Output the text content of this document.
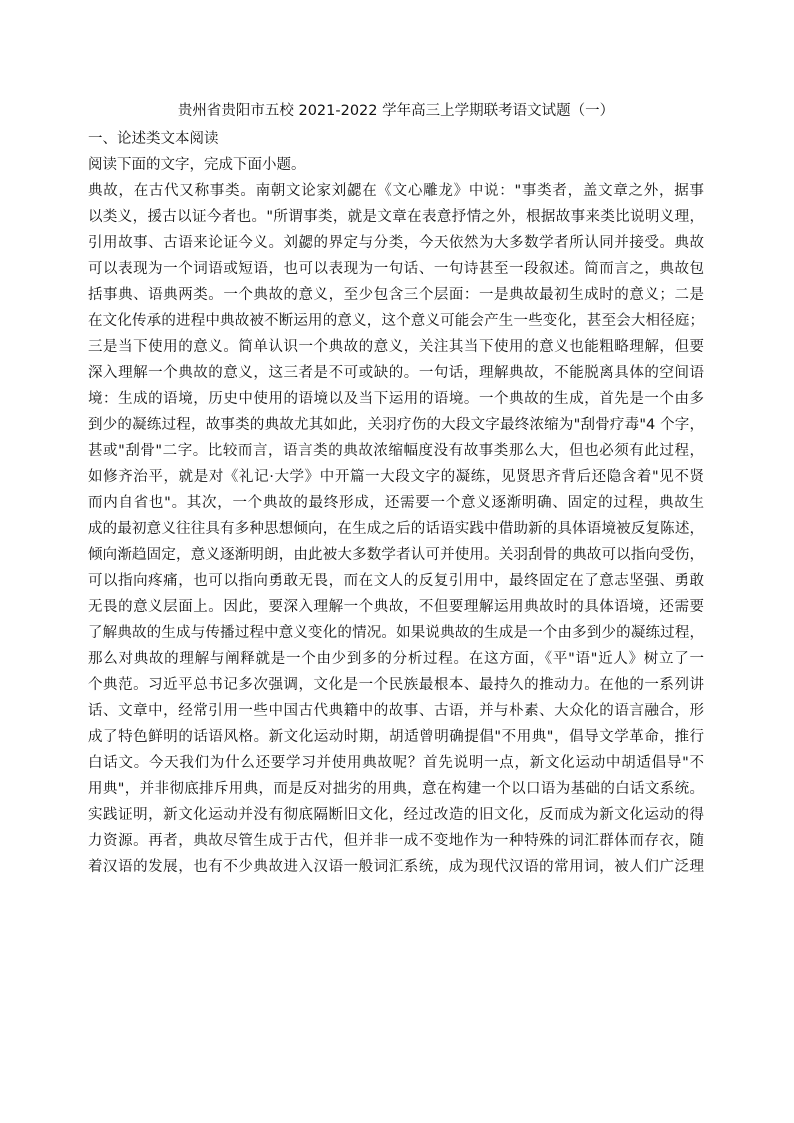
贵州省贵阳市五校 2021-2022 学年高三上学期联考语文试题（一）

一、论述类文本阅读

阅读下面的文字，完成下面小题。

典故，在古代又称事类。南朝文论家刘勰在《文心雕龙》中说："事类者，盖文章之外，据事
以类义，援古以证今者也。"所谓事类，就是文章在表意抒情之外，根据故事来类比说明义理，
引用故事、古语来论证今义。刘勰的界定与分类，今天依然为大多数学者所认同并接受。典故
可以表现为一个词语或短语，也可以表现为一句话、一句诗甚至一段叙述。简而言之，典故包
括事典、语典两类。一个典故的意义，至少包含三个层面：一是典故最初生成时的意义；二是
在文化传承的进程中典故被不断运用的意义，这个意义可能会产生一些变化，甚至会大相径庭；
三是当下使用的意义。简单认识一个典故的意义，关注其当下使用的意义也能粗略理解，但要
深入理解一个典故的意义，这三者是不可或缺的。一句话，理解典故，不能脱离具体的空间语
境：生成的语境，历史中使用的语境以及当下运用的语境。一个典故的生成，首先是一个由多
到少的凝练过程，故事类的典故尤其如此，关羽疗伤的大段文字最终浓缩为"刮骨疗毒"4 个字，
甚或"刮骨"二字。比较而言，语言类的典故浓缩幅度没有故事类那么大，但也必须有此过程，
如修齐治平，就是对《礼记·大学》中开篇一大段文字的凝练，见贤思齐背后还隐含着"见不贤
而内自省也"。其次，一个典故的最终形成，还需要一个意义逐渐明确、固定的过程，典故生
成的最初意义往往具有多种思想倾向，在生成之后的话语实践中借助新的具体语境被反复陈述，
倾向渐趋固定，意义逐渐明朗，由此被大多数学者认可并使用。关羽刮骨的典故可以指向受伤，
可以指向疼痛，也可以指向勇敢无畏，而在文人的反复引用中，最终固定在了意志坚强、勇敢
无畏的意义层面上。因此，要深入理解一个典故，不但要理解运用典故时的具体语境，还需要
了解典故的生成与传播过程中意义变化的情况。如果说典故的生成是一个由多到少的凝练过程，
那么对典故的理解与阐释就是一个由少到多的分析过程。在这方面，《平"语"近人》树立了一
个典范。习近平总书记多次强调，文化是一个民族最根本、最持久的推动力。在他的一系列讲
话、文章中，经常引用一些中国古代典籍中的故事、古语，并与朴素、大众化的语言融合，形
成了特色鲜明的话语风格。新文化运动时期，胡适曾明确提倡"不用典"，倡导文学革命，推行
白话文。今天我们为什么还要学习并使用典故呢？首先说明一点，新文化运动中胡适倡导"不
用典"，并非彻底排斥用典，而是反对拙劣的用典，意在构建一个以口语为基础的白话文系统。
实践证明，新文化运动并没有彻底隔断旧文化，经过改造的旧文化，反而成为新文化运动的得
力资源。再者，典故尽管生成于古代，但并非一成不变地作为一种特殊的词汇群体而存衣，随
着汉语的发展，也有不少典故进入汉语一般词汇系统，成为现代汉语的常用词，被人们广泛理
